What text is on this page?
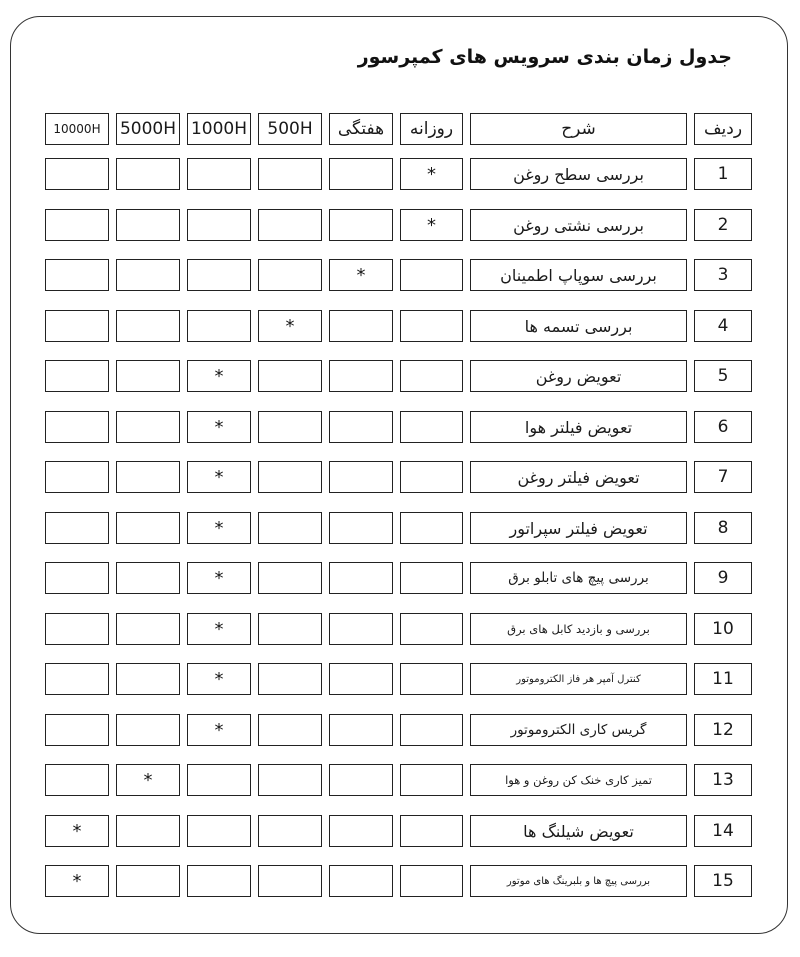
جدول زمان بندی سرویس های کمپرسور
ردیف
شرح
روزانه
هفتگی
500H
1000H
5000H
10000H
1
بررسی سطح روغن
*
2
بررسی نشتی روغن
*
3
بررسی سوپاپ اطمینان
*
4
بررسی تسمه ها
*
5
تعویض روغن
*
6
تعویض فیلتر هوا
*
7
تعویض فیلتر روغن
*
8
تعویض فیلتر سپراتور
*
9
بررسی پیچ های تابلو برق
*
10
بررسی و بازدید کابل های برق
*
11
کنترل آمپر هر فاز الکتروموتور
*
12
گریس کاری الکتروموتور
*
13
تمیز کاری خنک کن روغن و هوا
*
14
تعویض شیلنگ ها
*
15
بررسی پیچ ها و بلبرینگ های موتور
*
